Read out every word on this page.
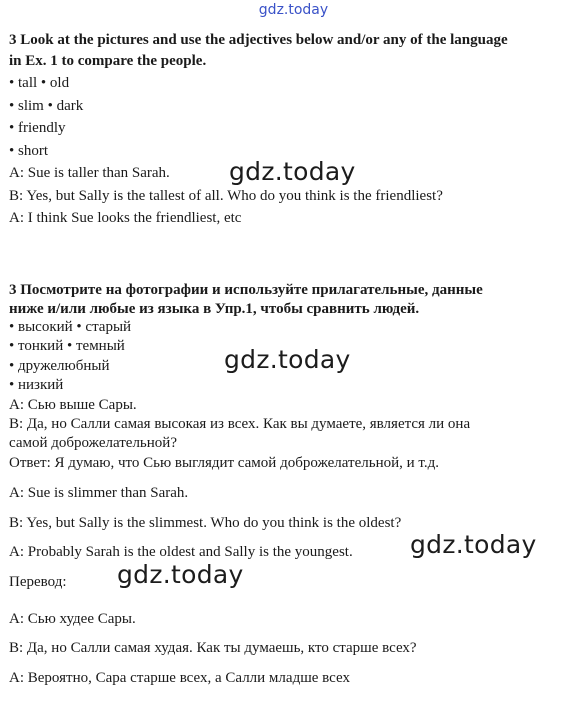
gdz.today
3 Look at the pictures and use the adjectives below and/or any of the language
in Ex. 1 to compare the people.
• tall • old
• slim • dark
• friendly
• short
A: Sue is taller than Sarah.
B: Yes, but Sally is the tallest of all. Who do you think is the friendliest?
A: I think Sue looks the friendliest, etc
3 Посмотрите на фотографии и используйте прилагательные, данные
ниже и/или любые из языка в Упр.1, чтобы сравнить людей.
• высокий • старый
• тонкий • темный
• дружелюбный
• низкий
А: Сью выше Сары.
В: Да, но Салли самая высокая из всех. Как вы думаете, является ли она
самой доброжелательной?
Ответ: Я думаю, что Сью выглядит самой доброжелательной, и т.д.
A: Sue is slimmer than Sarah.
B: Yes, but Sally is the slimmest. Who do you think is the oldest?
A: Probably Sarah is the oldest and Sally is the youngest.
Перевод:
А: Сью худее Сары.
В: Да, но Салли самая худая. Как ты думаешь, кто старше всех?
А: Вероятно, Сара старше всех, а Салли младше всех
gdz.today
gdz.today
gdz.today
gdz.today
